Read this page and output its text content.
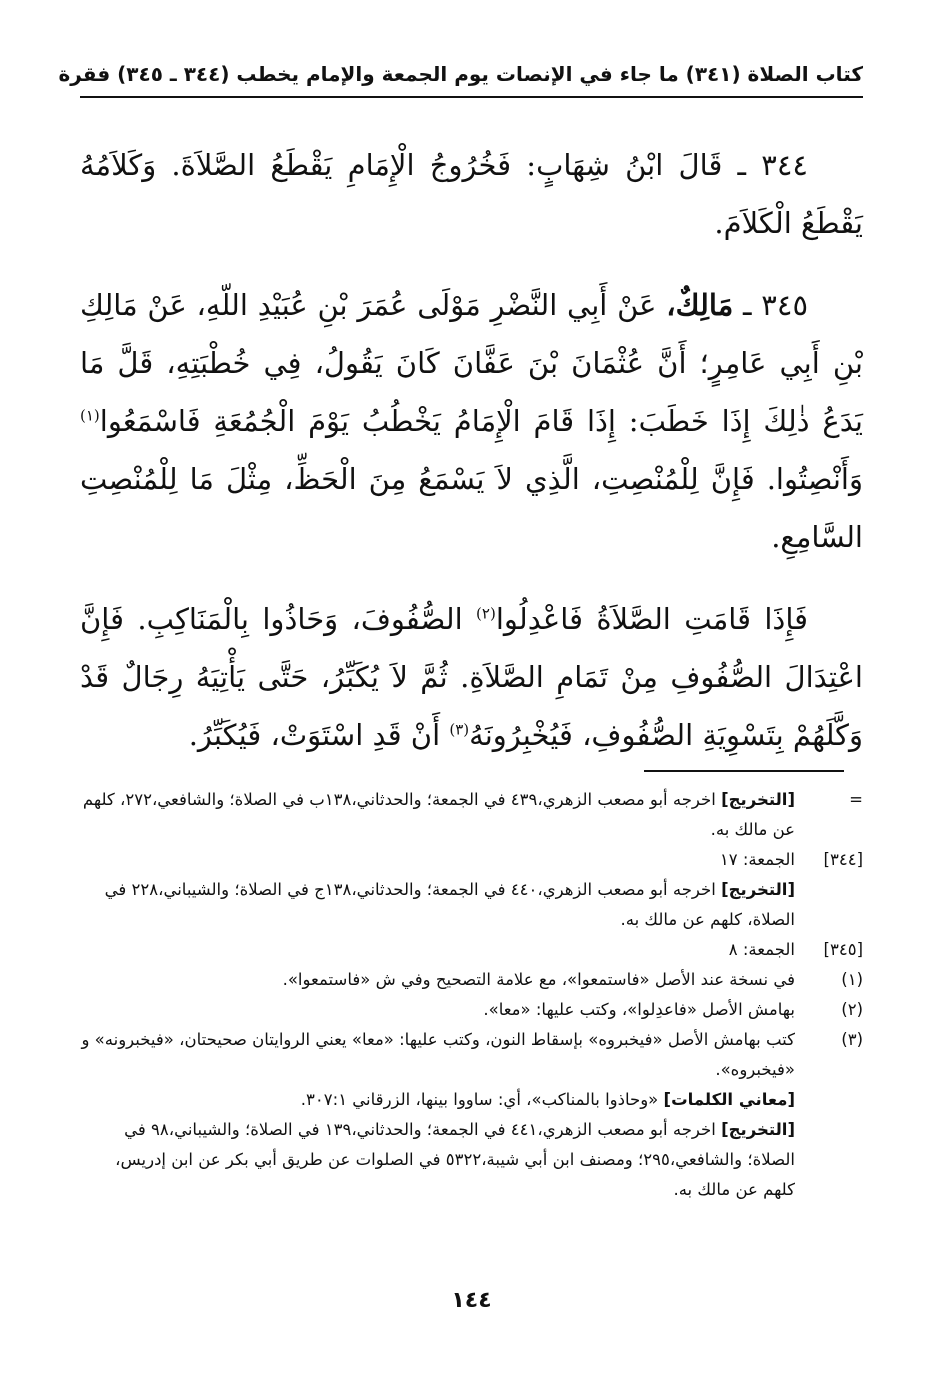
كتاب الصلاة (٣٤١) ما جاء في الإنصات يوم الجمعة والإمام يخطب (٣٤٤ ـ ٣٤٥) فقرة

٣٤٤ ـ قَالَ ابْنُ شِهَابٍ: فَخُرُوجُ الْإِمَامِ يَقْطَعُ الصَّلاَةَ. وَكَلاَمُهُ يَقْطَعُ الْكَلاَمَ.

٣٤٥ ـ مَالِكٌ، عَنْ أَبِي النَّضْرِ مَوْلَى عُمَرَ بْنِ عُبَيْدِ اللّهِ، عَنْ مَالِكِ بْنِ أَبِي عَامِرٍ؛ أَنَّ عُثْمَانَ بْنَ عَفَّانَ كَانَ يَقُولُ، فِي خُطْبَتِهِ، قَلَّ مَا يَدَعُ ذٰلِكَ إِذَا خَطَبَ: إِذَا قَامَ الْإِمَامُ يَخْطُبُ يَوْمَ الْجُمُعَةِ فَاسْمَعُوا$^{(١)}$ وَأَنْصِتُوا. فَإِنَّ لِلْمُنْصِتِ، الَّذِي لاَ يَسْمَعُ مِنَ الْحَظِّ، مِثْلَ مَا لِلْمُنْصِتِ السَّامِعِ.

فَإِذَا قَامَتِ الصَّلاَةُ فَاعْدِلُوا$^{(٢)}$ الصُّفُوفَ، وَحَاذُوا بِالْمَنَاكِبِ. فَإِنَّ اعْتِدَالَ الصُّفُوفِ مِنْ تَمَامِ الصَّلاَةِ. ثُمَّ لاَ يُكَبِّرُ، حَتَّى يَأْتِيَهُ رِجَالٌ قَدْ وَكَّلَهُمْ بِتَسْوِيَةِ الصُّفُوفِ، فَيُخْبِرُونَهُ$^{(٣)}$ أَنْ قَدِ اسْتَوَتْ، فَيُكَبِّرُ.

=
[التخريج] اخرجه أبو مصعب الزهري،٤٣٩ في الجمعة؛ والحدثاني،١٣٨ب في الصلاة؛ والشافعي،٢٧٢، كلهم عن مالك به.
[٣٤٤]
الجمعة: ١٧
[التخريج] اخرجه أبو مصعب الزهري،٤٤٠ في الجمعة؛ والحدثاني،١٣٨ج في الصلاة؛ والشيباني،٢٢٨ في الصلاة، كلهم عن مالك به.
[٣٤٥]
الجمعة: ٨
(١)
في نسخة عند الأصل «فاستمعوا»، مع علامة التصحيح وفي ش «فاستمعوا».
(٢)
بهامش الأصل «فاعدِلوا»، وكتب عليها: «معا».
(٣)
كتب بهامش الأصل «فيخبروه» بإسقاط النون، وكتب عليها: «معا» يعني الروايتان صحيحتان، «فيخبرونه» و «فيخبروه».
[معاني الكلمات] «وحاذوا بالمناكب»، أي: ساووا بينها، الزرقاني ٣٠٧:١.
[التخريج] اخرجه أبو مصعب الزهري،٤٤١ في الجمعة؛ والحدثاني،١٣٩ في الصلاة؛ والشيباني،٩٨ في الصلاة؛ والشافعي،٢٩٥؛ ومصنف ابن أبي شيبة،٥٣٢٢ في الصلوات عن طريق أبي بكر عن ابن إدريس، كلهم عن مالك به.
١٤٤
